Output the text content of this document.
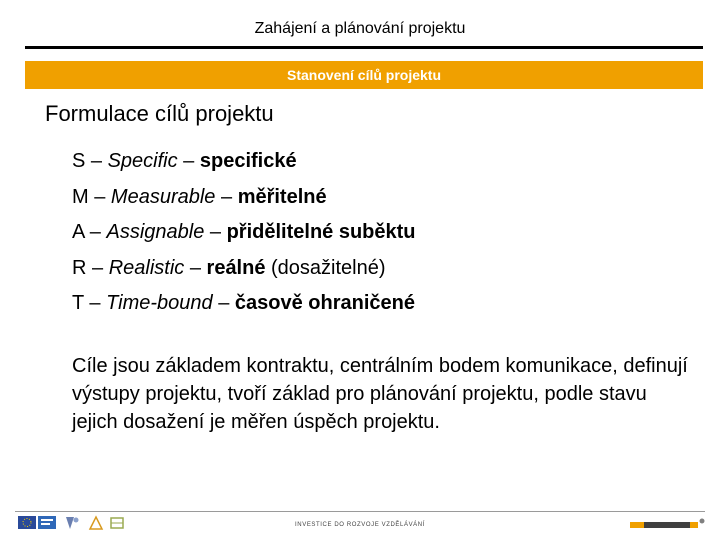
Zahájení a plánování projektu
Stanovení cílů projektu
Formulace cílů projektu
S – Specific – specifické
M – Measurable – měřitelné
A – Assignable – přidělitelné suběktu
R – Realistic – reálné (dosažitelné)
T – Time-bound – časově ohraničené
Cíle jsou základem kontraktu, centrálním bodem komunikace, definují výstupy projektu, tvoří základ pro plánování projektu, podle stavu jejich dosažení je měřen úspěch projektu.
INVESTICE DO ROZVOJE VZDĚLÁVÁNÍ
